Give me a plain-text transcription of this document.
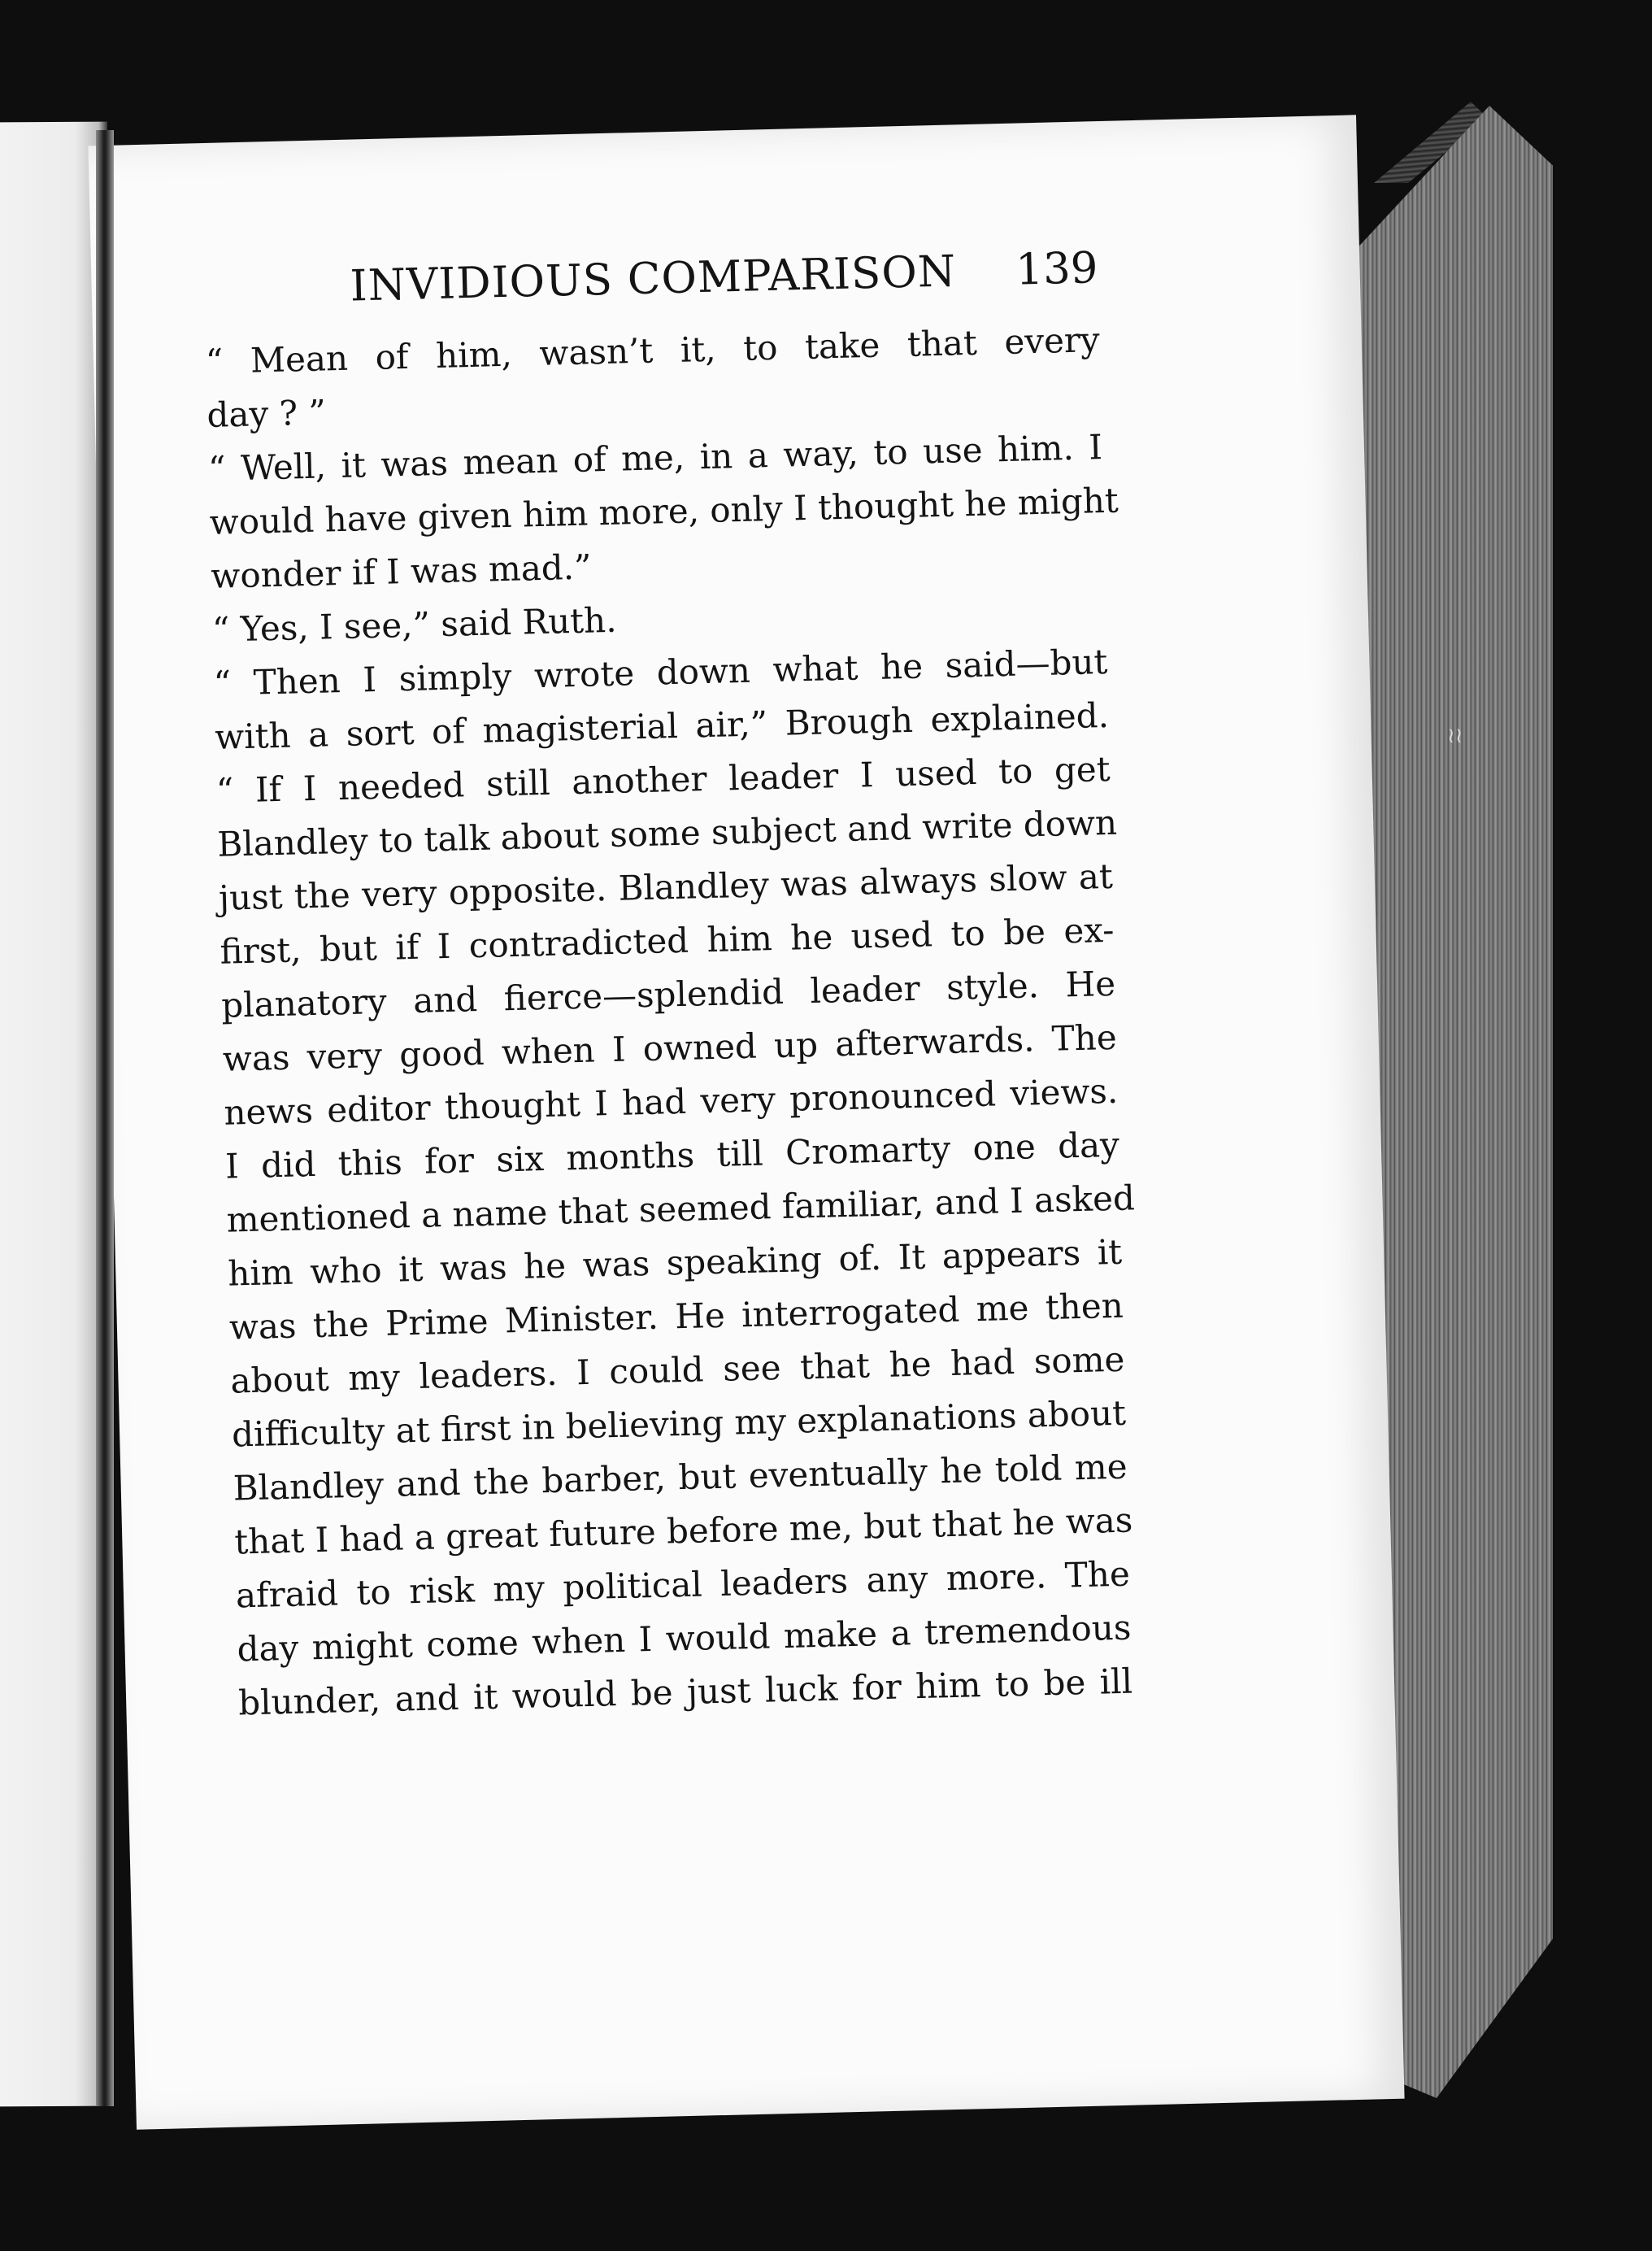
≀≀
INVIDIOUS COMPARISON 139
“ Mean of him, wasn’t it, to take that every
day ? ”
“ Well, it was mean of me, in a way, to use him. I
would have given him more, only I thought he might
wonder if I was mad.”
“ Yes, I see,” said Ruth.
“ Then I simply wrote down what he said—but
with a sort of magisterial air,” Brough explained.
“ If I needed still another leader I used to get
Blandley to talk about some subject and write down
just the very opposite. Blandley was always slow at
first, but if I contradicted him he used to be ex-
planatory and fierce—splendid leader style. He
was very good when I owned up afterwards. The
news editor thought I had very pronounced views.
I did this for six months till Cromarty one day
mentioned a name that seemed familiar, and I asked
him who it was he was speaking of. It appears it
was the Prime Minister. He interrogated me then
about my leaders. I could see that he had some
difficulty at first in believing my explanations about
Blandley and the barber, but eventually he told me
that I had a great future before me, but that he was
afraid to risk my political leaders any more. The
day might come when I would make a tremendous
blunder, and it would be just luck for him to be ill
